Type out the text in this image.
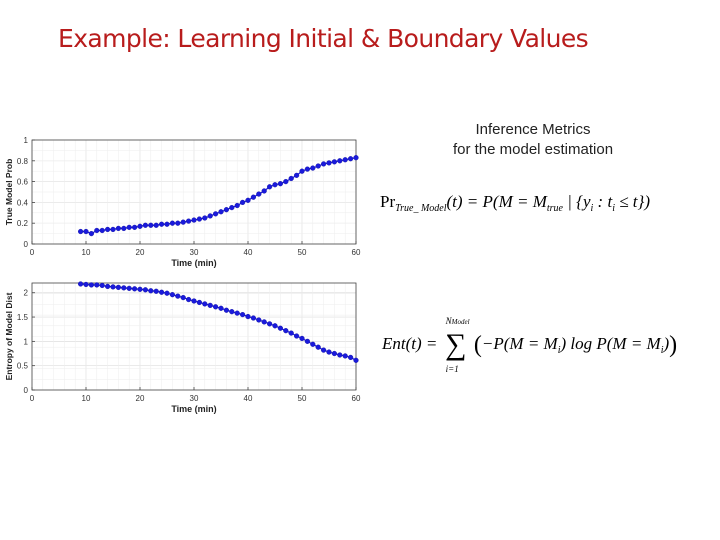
Example: Learning Initial & Boundary Values
0	10	20	30	40	50	60
0
0.2
0.4
0.6
0.8
1
Time (min)
True Model Prob
0	10	20	30	40	50	60
0
0.5
1
1.5
2
Time (min)
Entropy of Model Dist
Inference Metrics
for the model estimation
$Pr_{True\_ Model}(t) = P(M = M_{true}$ | {$y_i$ : $t_i \le t$})
Ent(t) =
NModel
∑
i=1
($-P(M = M_i)$ $\log P(M = M_i)$)
